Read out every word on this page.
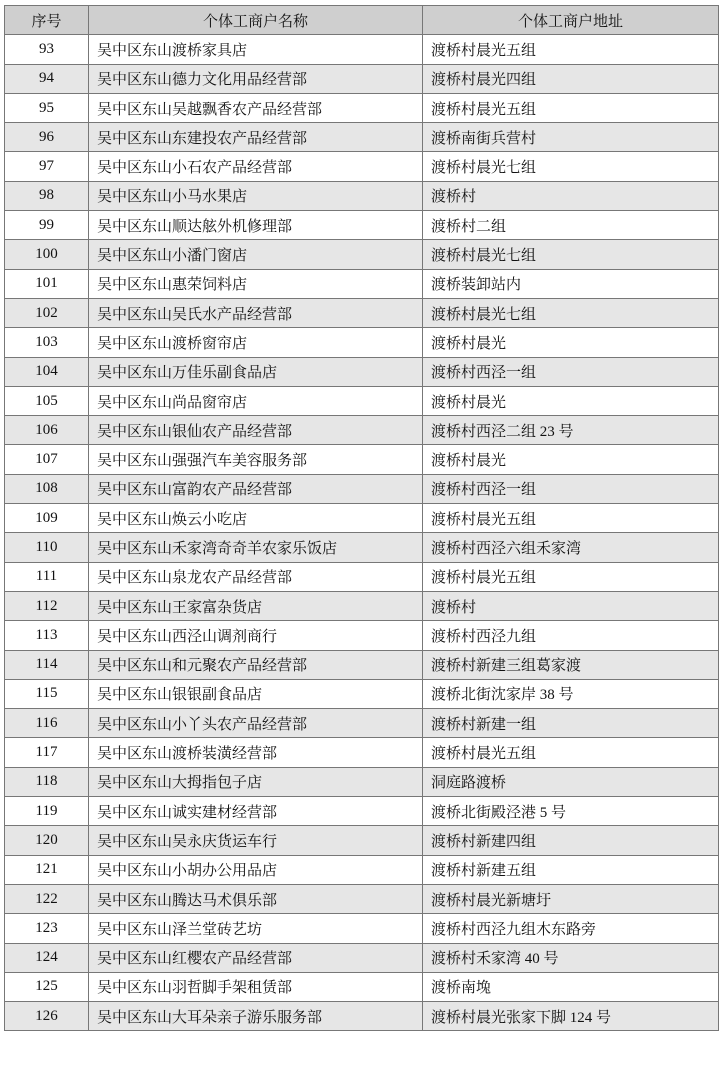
序号	个体工商户名称	个体工商户地址
93	吴中区东山渡桥家具店	渡桥村晨光五组
94	吴中区东山德力文化用品经营部	渡桥村晨光四组
95	吴中区东山吴越飘香农产品经营部	渡桥村晨光五组
96	吴中区东山东建投农产品经营部	渡桥南街兵营村
97	吴中区东山小石农产品经营部	渡桥村晨光七组
98	吴中区东山小马水果店	渡桥村
99	吴中区东山顺达舷外机修理部	渡桥村二组
100	吴中区东山小潘门窗店	渡桥村晨光七组
101	吴中区东山惠荣饲料店	渡桥装卸站内
102	吴中区东山吴氏水产品经营部	渡桥村晨光七组
103	吴中区东山渡桥窗帘店	渡桥村晨光
104	吴中区东山万佳乐副食品店	渡桥村西泾一组
105	吴中区东山尚品窗帘店	渡桥村晨光
106	吴中区东山银仙农产品经营部	渡桥村西泾二组 23 号
107	吴中区东山强强汽车美容服务部	渡桥村晨光
108	吴中区东山富韵农产品经营部	渡桥村西泾一组
109	吴中区东山焕云小吃店	渡桥村晨光五组
110	吴中区东山禾家湾奇奇羊农家乐饭店	渡桥村西泾六组禾家湾
111	吴中区东山泉龙农产品经营部	渡桥村晨光五组
112	吴中区东山王家富杂货店	渡桥村
113	吴中区东山西泾山调剂商行	渡桥村西泾九组
114	吴中区东山和元聚农产品经营部	渡桥村新建三组葛家渡
115	吴中区东山银银副食品店	渡桥北街沈家岸 38 号
116	吴中区东山小丫头农产品经营部	渡桥村新建一组
117	吴中区东山渡桥装潢经营部	渡桥村晨光五组
118	吴中区东山大拇指包子店	洞庭路渡桥
119	吴中区东山诚实建材经营部	渡桥北街殿泾港 5 号
120	吴中区东山吴永庆货运车行	渡桥村新建四组
121	吴中区东山小胡办公用品店	渡桥村新建五组
122	吴中区东山腾达马术俱乐部	渡桥村晨光新塘圩
123	吴中区东山泽兰堂砖艺坊	渡桥村西泾九组木东路旁
124	吴中区东山红樱农产品经营部	渡桥村禾家湾 40 号
125	吴中区东山羽哲脚手架租赁部	渡桥南堍
126	吴中区东山大耳朵亲子游乐服务部	渡桥村晨光张家下脚 124 号
